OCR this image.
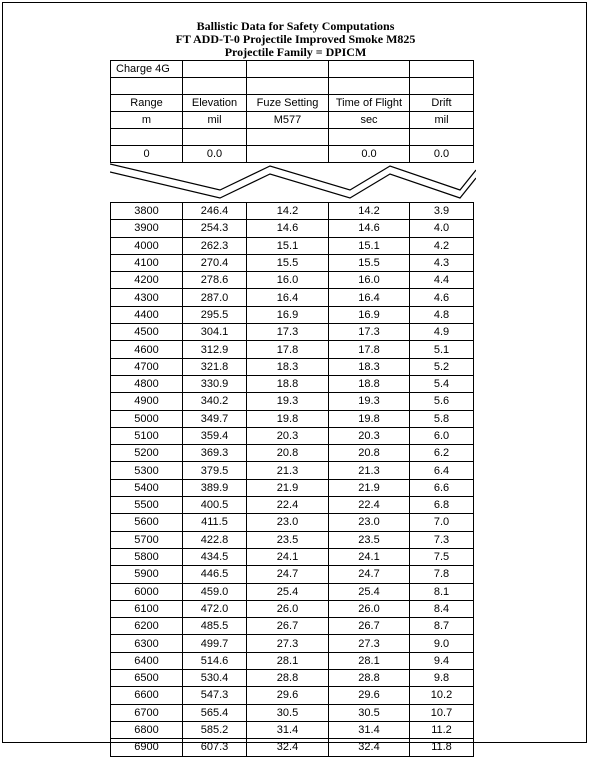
Ballistic Data for Safety Computations
FT ADD-T-0 Projectile Improved Smoke M825
Projectile Family = DPICM
Charge 4G				

Range	Elevation	Fuze Setting	Time of Flight	Drift
m	mil	M577	sec	mil

0	0.0		0.0	0.0
3800	246.4	14.2	14.2	3.9
3900	254.3	14.6	14.6	4.0
4000	262.3	15.1	15.1	4.2
4100	270.4	15.5	15.5	4.3
4200	278.6	16.0	16.0	4.4
4300	287.0	16.4	16.4	4.6
4400	295.5	16.9	16.9	4.8
4500	304.1	17.3	17.3	4.9
4600	312.9	17.8	17.8	5.1
4700	321.8	18.3	18.3	5.2
4800	330.9	18.8	18.8	5.4
4900	340.2	19.3	19.3	5.6
5000	349.7	19.8	19.8	5.8
5100	359.4	20.3	20.3	6.0
5200	369.3	20.8	20.8	6.2
5300	379.5	21.3	21.3	6.4
5400	389.9	21.9	21.9	6.6
5500	400.5	22.4	22.4	6.8
5600	411.5	23.0	23.0	7.0
5700	422.8	23.5	23.5	7.3
5800	434.5	24.1	24.1	7.5
5900	446.5	24.7	24.7	7.8
6000	459.0	25.4	25.4	8.1
6100	472.0	26.0	26.0	8.4
6200	485.5	26.7	26.7	8.7
6300	499.7	27.3	27.3	9.0
6400	514.6	28.1	28.1	9.4
6500	530.4	28.8	28.8	9.8
6600	547.3	29.6	29.6	10.2
6700	565.4	30.5	30.5	10.7
6800	585.2	31.4	31.4	11.2
6900	607.3	32.4	32.4	11.8
